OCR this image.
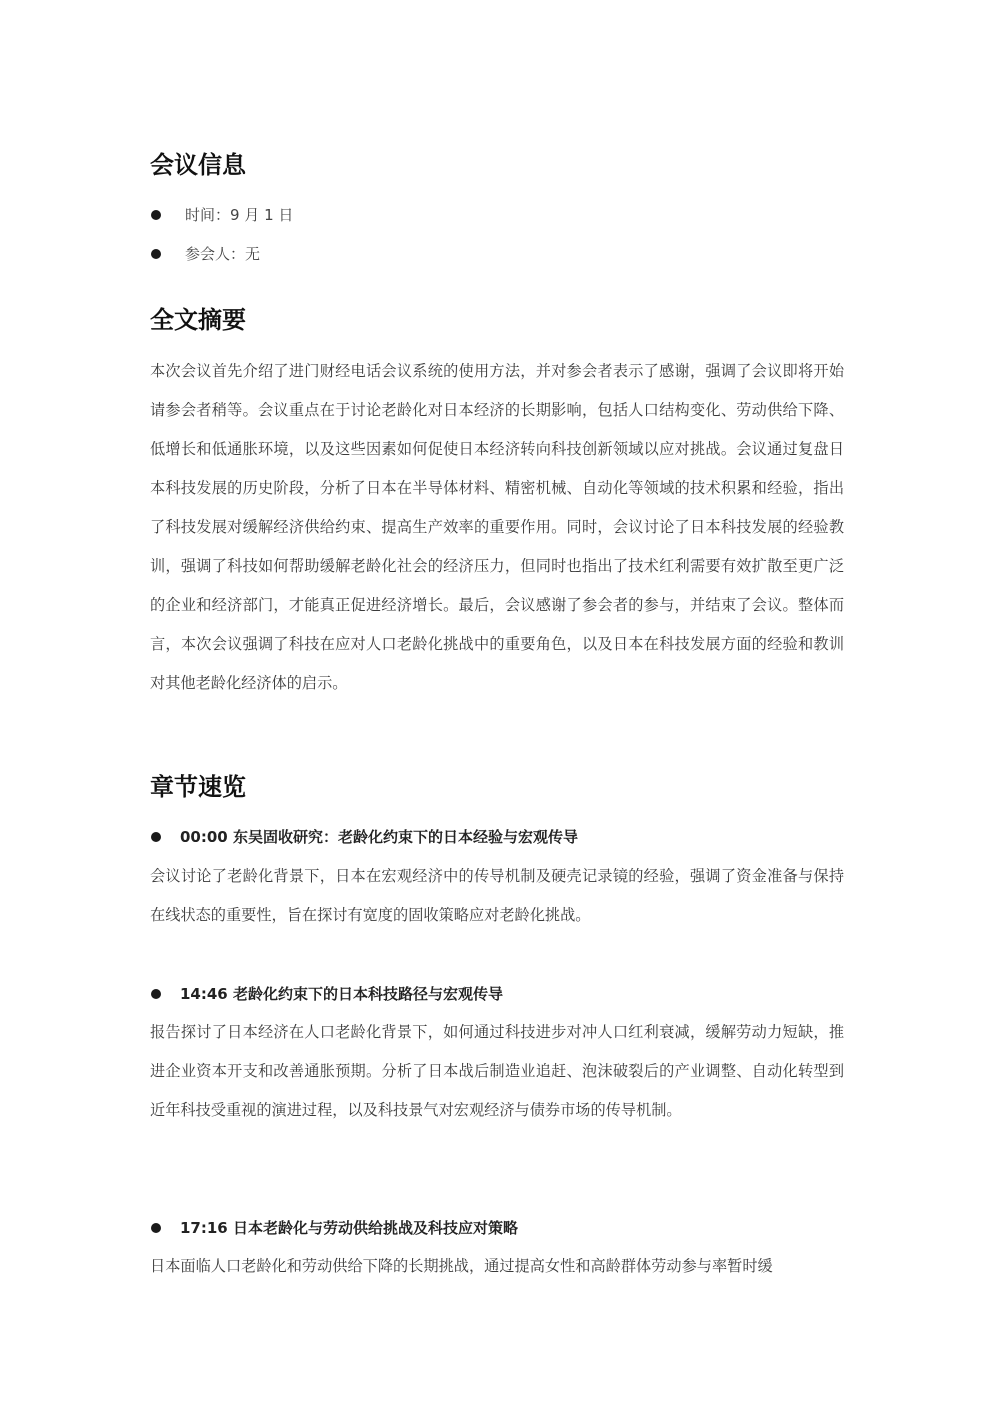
会议信息
时间：9 月 1 日
参会人：无
全文摘要

本次会议首先介绍了进门财经电话会议系统的使用方法，并对参会者表示了感谢，强调了会议即将开始请参会者稍等。会议重点在于讨论老龄化对日本经济的长期影响，包括人口结构变化、劳动供给下降、低增长和低通胀环境，以及这些因素如何促使日本经济转向科技创新领域以应对挑战。会议通过复盘日本科技发展的历史阶段，分析了日本在半导体材料、精密机械、自动化等领域的技术积累和经验，指出了科技发展对缓解经济供给约束、提高生产效率的重要作用。同时，会议讨论了日本科技发展的经验教训，强调了科技如何帮助缓解老龄化社会的经济压力，但同时也指出了技术红利需要有效扩散至更广泛的企业和经济部门，才能真正促进经济增长。最后，会议感谢了参会者的参与，并结束了会议。整体而言，本次会议强调了科技在应对人口老龄化挑战中的重要角色，以及日本在科技发展方面的经验和教训对其他老龄化经济体的启示。

章节速览
00:00 东吴固收研究：老龄化约束下的日本经验与宏观传导

会议讨论了老龄化背景下，日本在宏观经济中的传导机制及硬壳记录镜的经验，强调了资金准备与保持在线状态的重要性，旨在探讨有宽度的固收策略应对老龄化挑战。

14:46 老龄化约束下的日本科技路径与宏观传导

报告探讨了日本经济在人口老龄化背景下，如何通过科技进步对冲人口红利衰减，缓解劳动力短缺，推进企业资本开支和改善通胀预期。分析了日本战后制造业追赶、泡沫破裂后的产业调整、自动化转型到近年科技受重视的演进过程，以及科技景气对宏观经济与债券市场的传导机制。

17:16 日本老龄化与劳动供给挑战及科技应对策略

日本面临人口老龄化和劳动供给下降的长期挑战，通过提高女性和高龄群体劳动参与率暂时缓
